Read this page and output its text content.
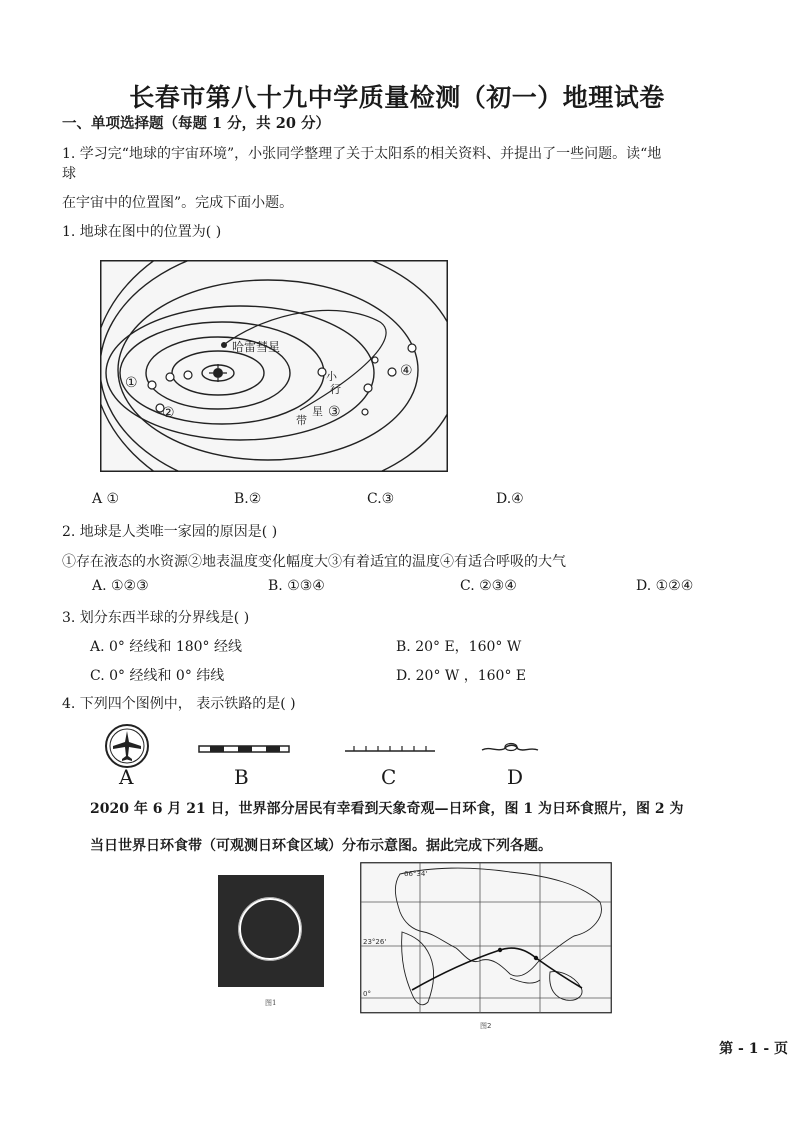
长春市第八十九中学质量检测（初一）地理试卷
一、单项选择题（每题 1 分，共 20 分）
1. 学习完“地球的宇宙环境”，小张同学整理了关于太阳系的相关资料、并提出了一些问题。读“地
球
在宇宙中的位置图”。完成下面小题。
1. 地球在图中的位置为( )
哈雷彗星
小
行
星
带
①
②	③
④
A ①	B.②	C.③	D.④
2. 地球是人类唯一家园的原因是( )
①存在液态的水资源②地表温度变化幅度大③有着适宜的温度④有适合呼吸的大气
A. ①②③	B. ①③④	C. ②③④	D. ①②④
3. 划分东西半球的分界线是( )
A. 0° 经线和 180° 经线	B. 20° E，160° W
C. 0° 经线和 0° 纬线	D. 20° W ，160° E
4. 下列四个图例中， 表示铁路的是( )
A	B	C	D
2020 年 6 月 21 日，世界部分居民有幸看到天象奇观—日环食，图 1 为日环食照片，图 2 为
当日世界日环食带（可观测日环食区域）分布示意图。据此完成下列各题。
图1
66°34'
23°26'
0°
图2
第 - 1 - 页
